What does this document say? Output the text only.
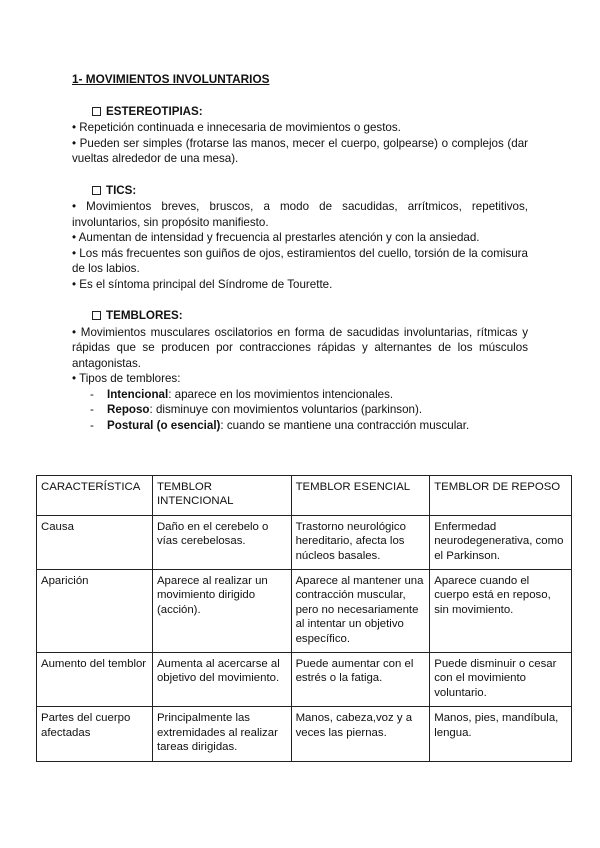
1- MOVIMIENTOS INVOLUNTARIOS
ESTEREOTIPIAS:
• Repetición continuada e innecesaria de movimientos o gestos.
• Pueden ser simples (frotarse las manos, mecer el cuerpo, golpearse) o complejos (dar vueltas alrededor de una mesa).
TICS:
• Movimientos breves, bruscos, a modo de sacudidas, arrítmicos, repetitivos, involuntarios, sin propósito manifiesto.
• Aumentan de intensidad y frecuencia al prestarles atención y con la ansiedad.
• Los más frecuentes son guiños de ojos, estiramientos del cuello, torsión de la comisura de los labios.
• Es el síntoma principal del Síndrome de Tourette.
TEMBLORES:
• Movimientos musculares oscilatorios en forma de sacudidas involuntarias, rítmicas y rápidas que se producen por contracciones rápidas y alternantes de los músculos antagonistas.
• Tipos de temblores:
-	Intencional: aparece en los movimientos intencionales.
-	Reposo: disminuye con movimientos voluntarios (parkinson).
-	Postural (o esencial): cuando se mantiene una contracción muscular.
CARACTERÍSTICA	TEMBLOR INTENCIONAL	TEMBLOR ESENCIAL	TEMBLOR DE REPOSO
Causa	Daño en el cerebelo o vías cerebelosas.	Trastorno neurológico hereditario, afecta los núcleos basales.	Enfermedad neurodegenerativa, como el Parkinson.
Aparición	Aparece al realizar un movimiento dirigido (acción).	Aparece al mantener una contracción muscular, pero no necesariamente al intentar un objetivo específico.	Aparece cuando el cuerpo está en reposo, sin movimiento.
Aumento del temblor	Aumenta al acercarse al objetivo del movimiento.	Puede aumentar con el estrés o la fatiga.	Puede disminuir o cesar con el movimiento voluntario.
Partes del cuerpo afectadas	Principalmente las extremidades al realizar tareas dirigidas.	Manos, cabeza,voz y a veces las piernas.	Manos, pies, mandíbula, lengua.
